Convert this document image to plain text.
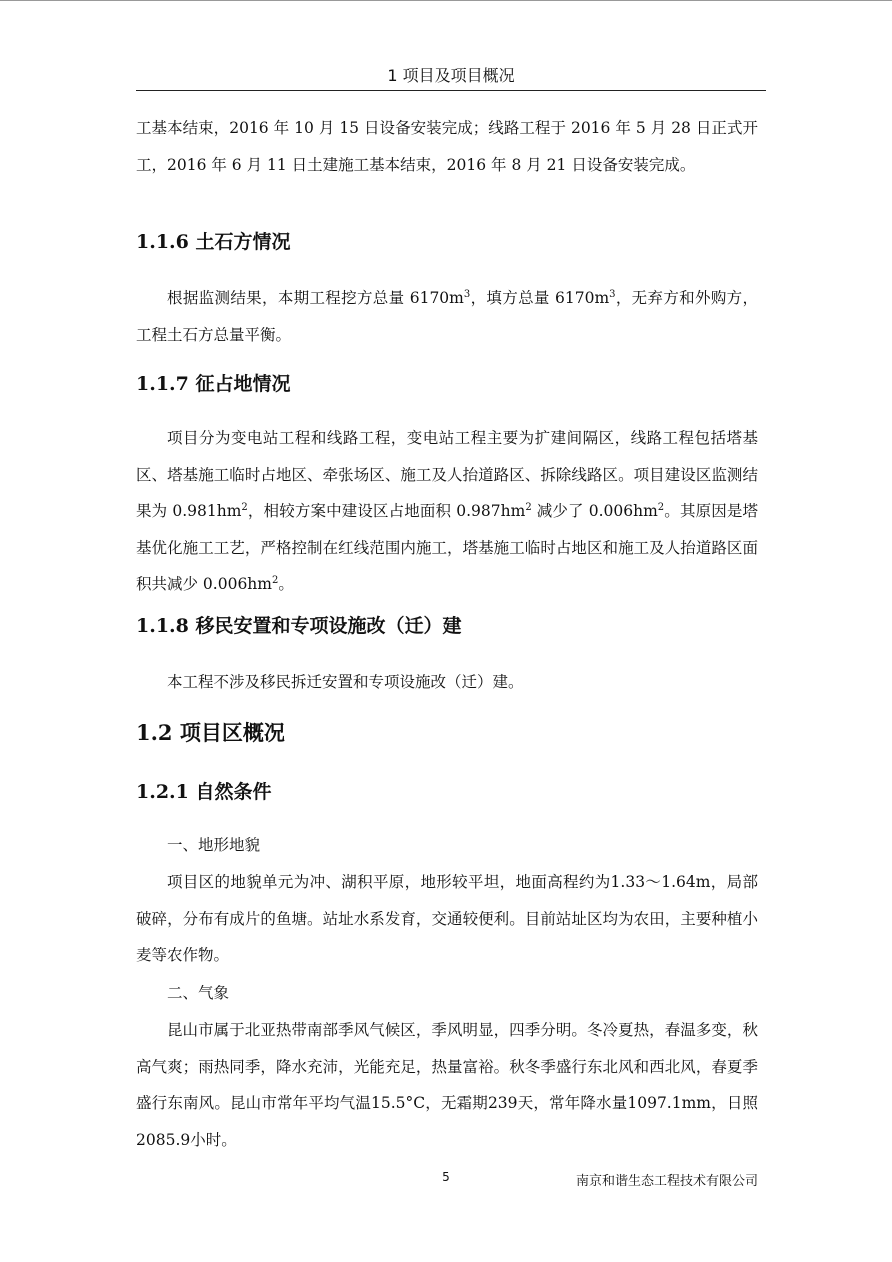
1 项目及项目概况

工基本结束，2016 年 10 月 15 日设备安装完成；线路工程于 2016 年 5 月 28 日正式开工，2016 年 6 月 11 日土建施工基本结束，2016 年 8 月 21 日设备安装完成。

1.1.6 土石方情况

根据监测结果，本期工程挖方总量 $6170m^3$，填方总量 $6170m^3$，无弃方和外购方，工程土石方总量平衡。

1.1.7 征占地情况

项目分为变电站工程和线路工程，变电站工程主要为扩建间隔区，线路工程包括塔基区、塔基施工临时占地区、牵张场区、施工及人抬道路区、拆除线路区。项目建设区监测结果为 $0.981hm^2$，相较方案中建设区占地面积 $0.987hm^2$ 减少了 $0.006hm^2$。其原因是塔基优化施工工艺，严格控制在红线范围内施工，塔基施工临时占地区和施工及人抬道路区面积共减少 $0.006hm^2$。

1.1.8 移民安置和专项设施改（迁）建

本工程不涉及移民拆迁安置和专项设施改（迁）建。

1.2 项目区概况
1.2.1 自然条件

一、地形地貌

项目区的地貌单元为冲、湖积平原，地形较平坦，地面高程约为1.33～1.64m，局部破碎，分布有成片的鱼塘。站址水系发育，交通较便利。目前站址区均为农田，主要种植小麦等农作物。

二、气象

昆山市属于北亚热带南部季风气候区，季风明显，四季分明。冬冷夏热，春温多变，秋高气爽；雨热同季，降水充沛，光能充足，热量富裕。秋冬季盛行东北风和西北风，春夏季盛行东南风。昆山市常年平均气温15.5°C，无霜期239天，常年降水量1097.1mm，日照2085.9小时。

5	南京和谐生态工程技术有限公司
